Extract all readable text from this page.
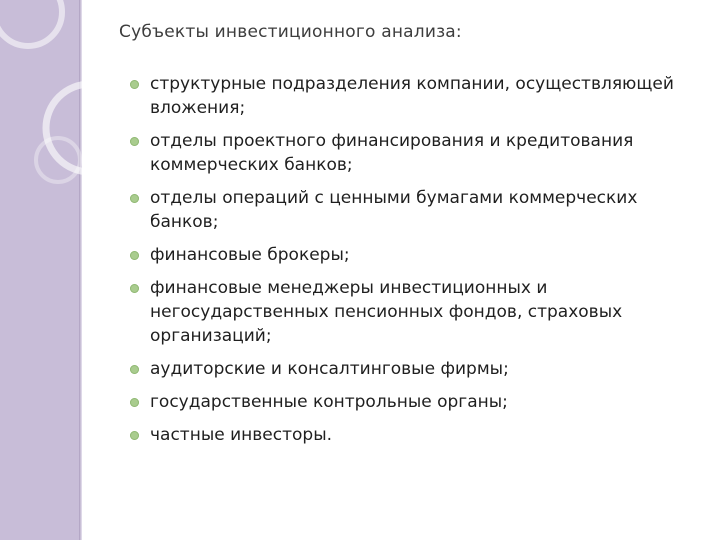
Субъекты инвестиционного анализа:
структурные подразделения компании, осуществляющей вложения;
отделы проектного финансирования и кредитования коммерческих банков;
отделы операций с ценными бумагами коммерческих банков;
финансовые брокеры;
финансовые менеджеры инвестиционных и негосударственных пенсионных фондов, страховых организаций;
аудиторские и консалтинговые фирмы;
государственные контрольные органы;
частные инвесторы.
